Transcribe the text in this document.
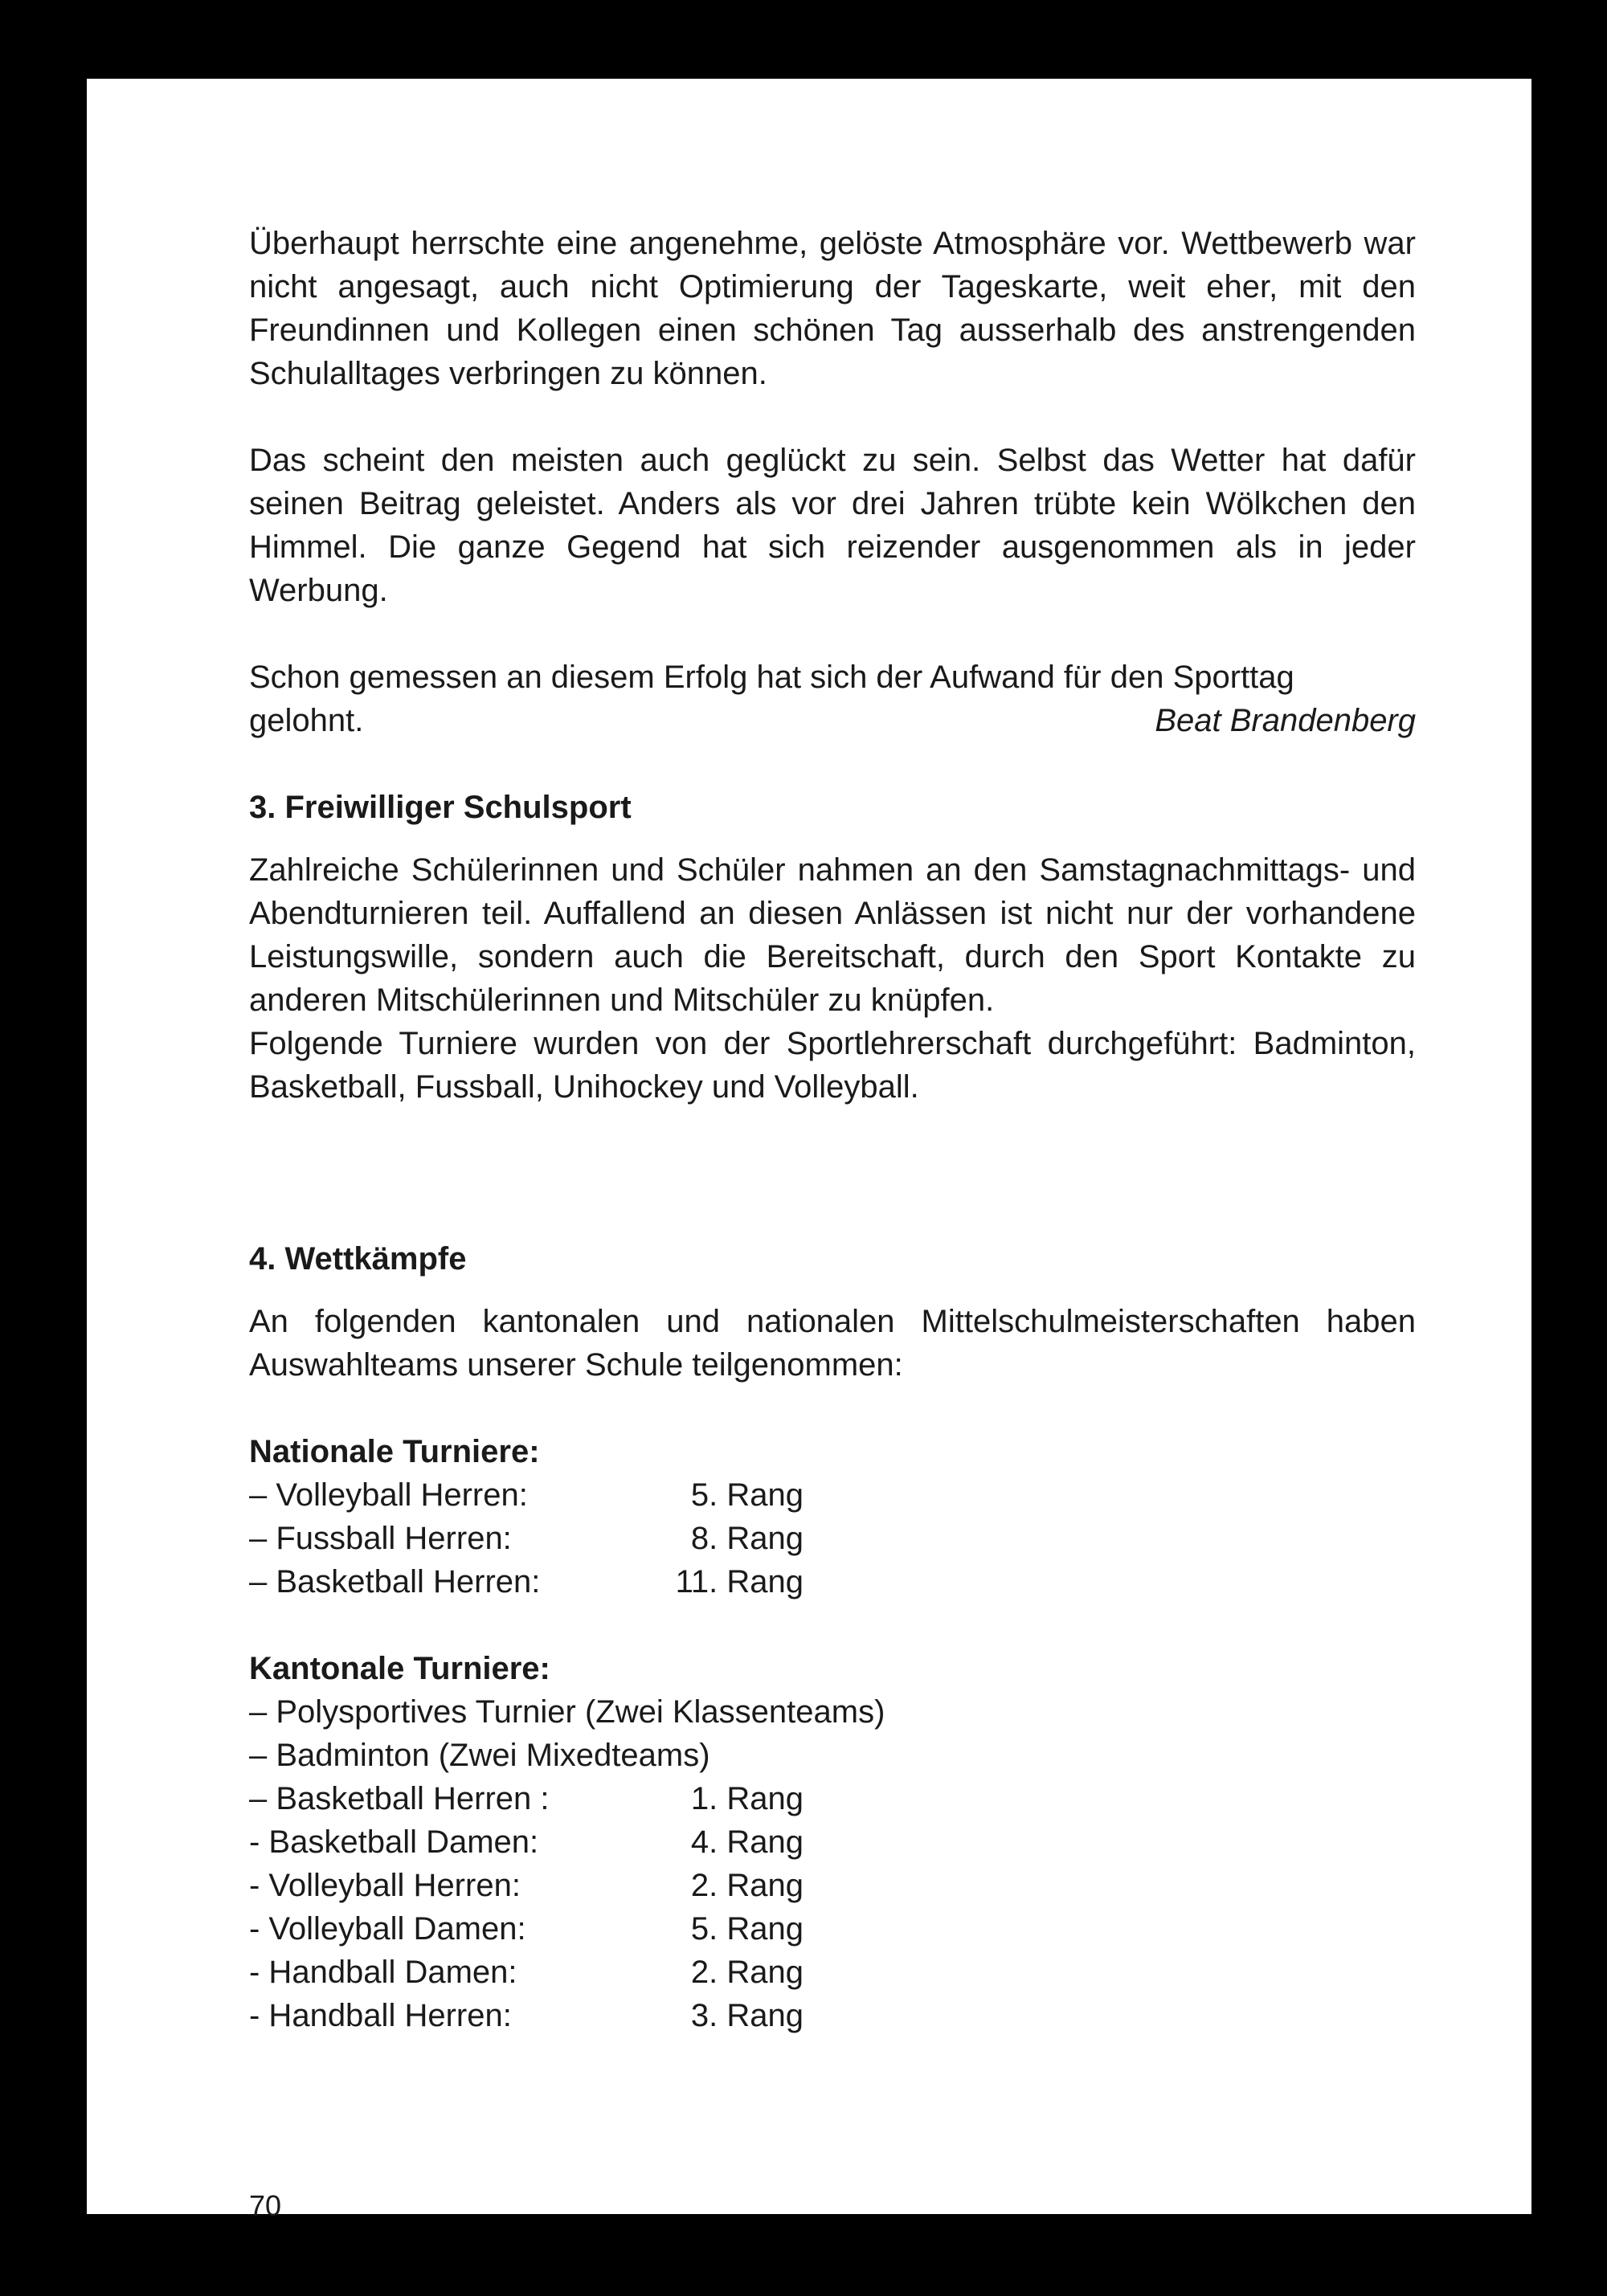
Überhaupt herrschte eine angenehme, gelöste Atmosphäre vor. Wettbewerb war nicht angesagt, auch nicht Optimierung der Tageskarte, weit eher, mit den Freundinnen und Kollegen einen schönen Tag ausserhalb des anstrengenden Schulalltages verbringen zu können.

Das scheint den meisten auch geglückt zu sein. Selbst das Wetter hat dafür seinen Beitrag geleistet. Anders als vor drei Jahren trübte kein Wölkchen den Himmel. Die ganze Gegend hat sich reizender ausgenommen als in jeder Werbung.

Schon gemessen an diesem Erfolg hat sich der Aufwand für den Sporttag

gelohnt.	Beat Brandenberg
3. Freiwilliger Schulsport

Zahlreiche Schülerinnen und Schüler nahmen an den Samstagnachmittags- und Abendturnieren teil. Auffallend an diesen Anlässen ist nicht nur der vorhandene Leistungswille, sondern auch die Bereitschaft, durch den Sport Kontakte zu anderen Mitschülerinnen und Mitschüler zu knüpfen.

Folgende Turniere wurden von der Sportlehrerschaft durchgeführt: Badminton, Basketball, Fussball, Unihockey und Volleyball.

4. Wettkämpfe

An folgenden kantonalen und nationalen Mittelschulmeisterschaften haben Auswahlteams unserer Schule teilgenommen:

Nationale Turniere:
– Volleyball Herren:	5. Rang
– Fussball Herren:	8. Rang
– Basketball Herren:	11. Rang
Kantonale Turniere:
– Polysportives Turnier (Zwei Klassenteams)
– Badminton (Zwei Mixedteams)
– Basketball Herren :	1. Rang
- Basketball Damen:	4. Rang
- Volleyball Herren:	2. Rang
- Volleyball Damen:	5. Rang
- Handball Damen:	2. Rang
- Handball Herren:	3. Rang
70
